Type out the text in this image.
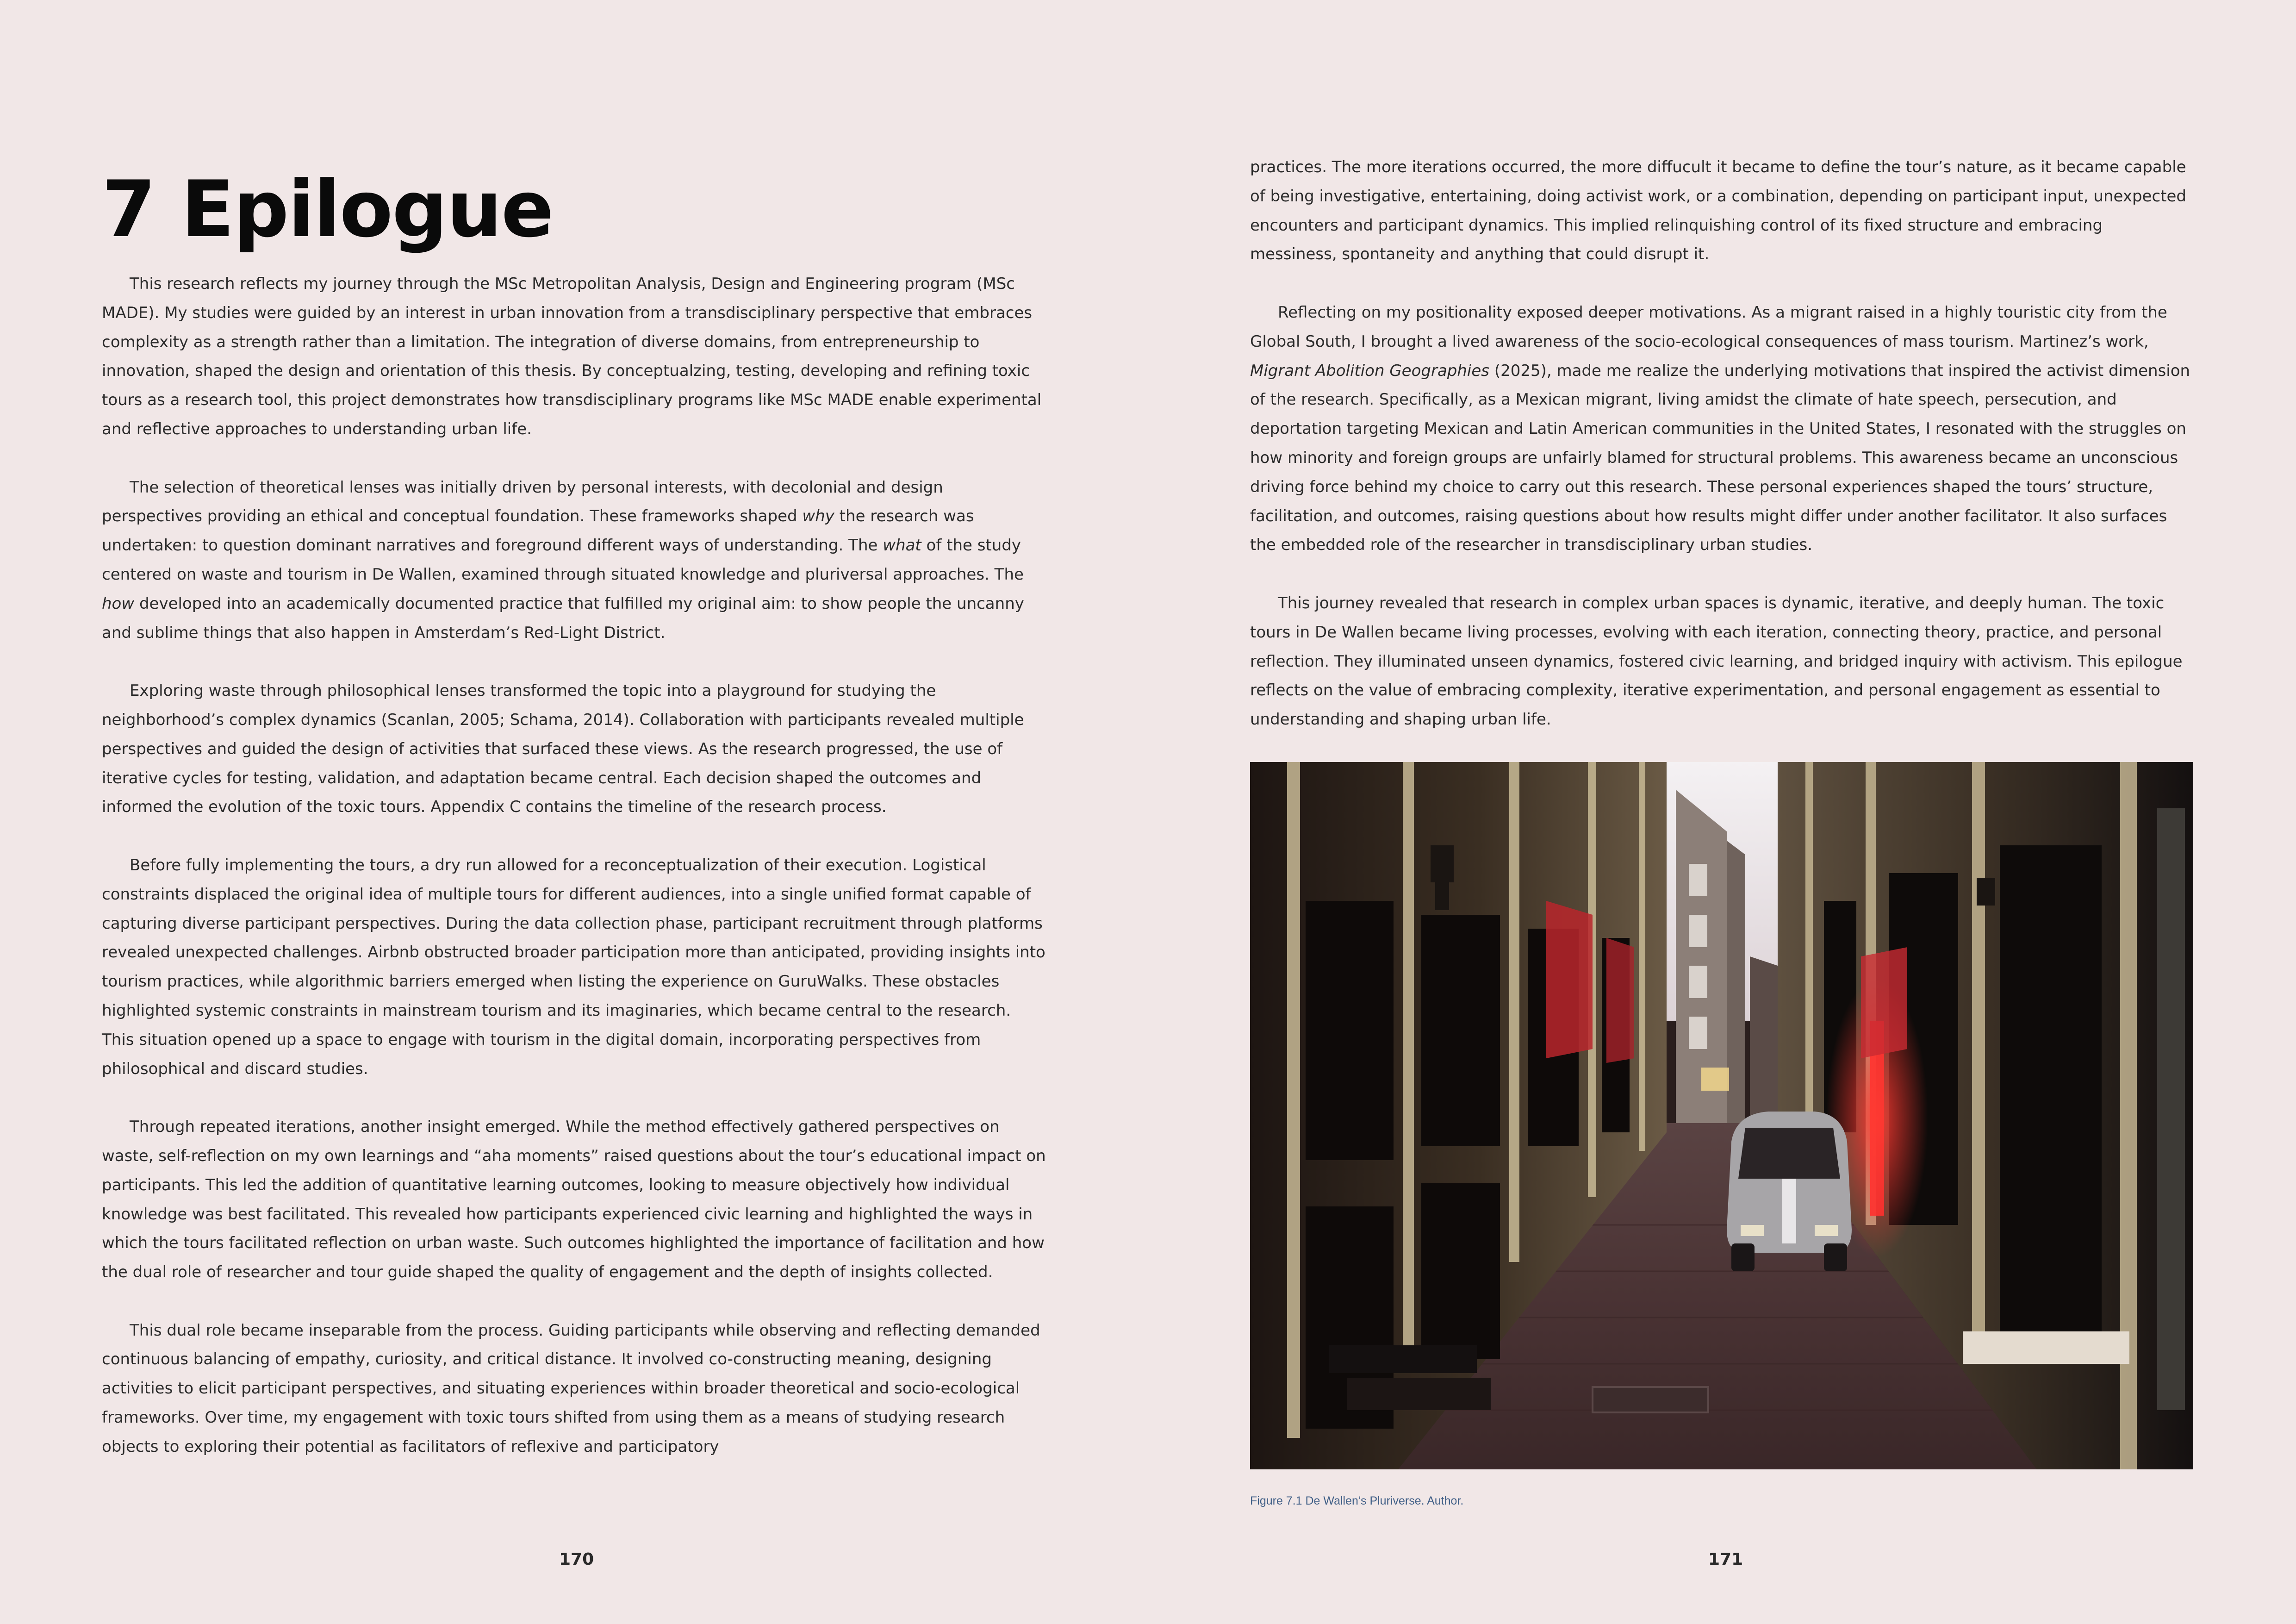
7 Epilogue

This research reflects my journey through the MSc Metropolitan Analysis, Design and Engineering program (MSc MADE). My studies were guided by an interest in urban innovation from a transdisciplinary perspective that embraces complexity as a strength rather than a limitation. The integration of diverse domains, from entrepreneurship to innovation, shaped the design and orientation of this thesis. By conceptualzing, testing, developing and refining toxic tours as a research tool, this project demonstrates how transdisciplinary programs like MSc MADE enable experimental and reflective approaches to understanding urban life.

The selection of theoretical lenses was initially driven by personal interests, with decolonial and design perspectives providing an ethical and conceptual foundation. These frameworks shaped why the research was undertaken: to question dominant narratives and foreground different ways of understanding. The what of the study centered on waste and tourism in De Wallen, examined through situated knowledge and pluriversal approaches. The how developed into an academically documented practice that fulfilled my original aim: to show people the uncanny and sublime things that also happen in Amsterdam’s Red-Light District.

Exploring waste through philosophical lenses transformed the topic into a playground for studying the neighborhood’s complex dynamics (Scanlan, 2005; Schama, 2014). Collaboration with participants revealed multiple perspectives and guided the design of activities that surfaced these views. As the research progressed, the use of iterative cycles for testing, validation, and adaptation became central. Each decision shaped the outcomes and informed the evolution of the toxic tours. Appendix C contains the timeline of the research process.

Before fully implementing the tours, a dry run allowed for a reconceptualization of their execution. Logistical constraints displaced the original idea of multiple tours for different audiences, into a single unified format capable of capturing diverse participant perspectives. During the data collection phase, participant recruitment through platforms revealed unexpected challenges. Airbnb obstructed broader participation more than anticipated, providing insights into tourism practices, while algorithmic barriers emerged when listing the experience on GuruWalks. These obstacles highlighted systemic constraints in mainstream tourism and its imaginaries, which became central to the research. This situation opened up a space to engage with tourism in the digital domain, incorporating perspectives from philosophical and discard studies.

Through repeated iterations, another insight emerged. While the method effectively gathered perspectives on waste, self-reflection on my own learnings and “aha moments” raised questions about the tour’s educational impact on participants. This led the addition of quantitative learning outcomes, looking to measure objectively how individual knowledge was best facilitated. This revealed how participants experienced civic learning and highlighted the ways in which the tours facilitated reflection on urban waste. Such outcomes highlighted the importance of facilitation and how the dual role of researcher and tour guide shaped the quality of engagement and the depth of insights collected.

This dual role became inseparable from the process. Guiding participants while observing and reflecting demanded continuous balancing of empathy, curiosity, and critical distance. It involved co-constructing meaning, designing activities to elicit participant perspectives, and situating experiences within broader theoretical and socio-ecological frameworks. Over time, my engagement with toxic tours shifted from using them as a means of studying research objects to exploring their potential as facilitators of reflexive and participatory

170

practices. The more iterations occurred, the more diffucult it became to define the tour’s nature, as it became capable of being investigative, entertaining, doing activist work, or a combination, depending on participant input, unexpected encounters and participant dynamics. This implied relinquishing control of its fixed structure and embracing messiness, spontaneity and anything that could disrupt it.

Reflecting on my positionality exposed deeper motivations. As a migrant raised in a highly touristic city from the Global South, I brought a lived awareness of the socio-ecological consequences of mass tourism. Martinez’s work, Migrant Abolition Geographies (2025), made me realize the underlying motivations that inspired the activist dimension of the research. Specifically, as a Mexican migrant, living amidst the climate of hate speech, persecution, and deportation targeting Mexican and Latin American communities in the United States, I resonated with the struggles on how minority and foreign groups are unfairly blamed for structural problems. This awareness became an unconscious driving force behind my choice to carry out this research. These personal experiences shaped the tours’ structure, facilitation, and outcomes, raising questions about how results might differ under another facilitator. It also surfaces the embedded role of the researcher in transdisciplinary urban studies.

This journey revealed that research in complex urban spaces is dynamic, iterative, and deeply human. The toxic tours in De Wallen became living processes, evolving with each iteration, connecting theory, practice, and personal reflection. They illuminated unseen dynamics, fostered civic learning, and bridged inquiry with activism. This epilogue reflects on the value of embracing complexity, iterative experimentation, and personal engagement as essential to understanding and shaping urban life.

Figure 7.1 De Wallen’s Pluriverse. Author.
171
